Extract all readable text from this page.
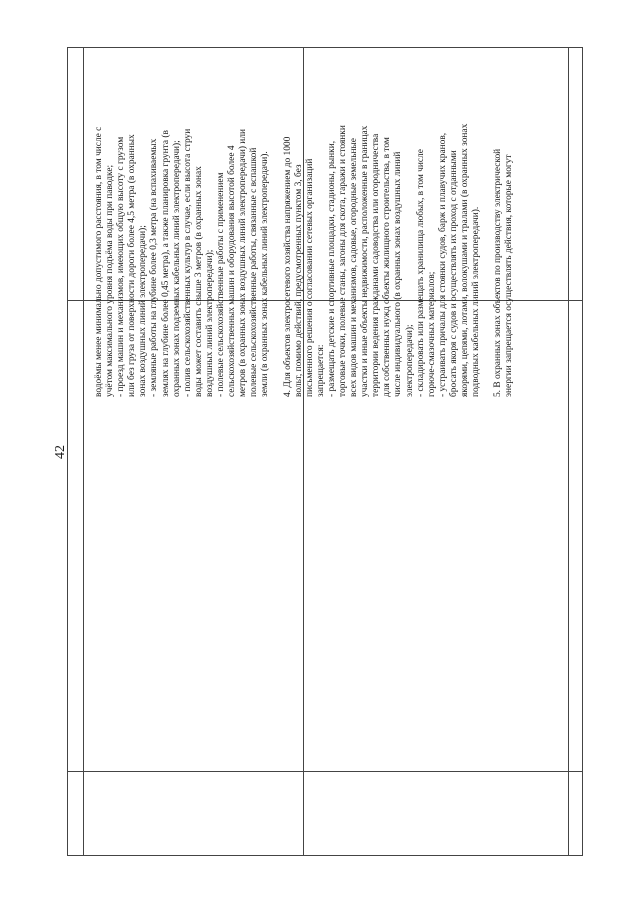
42

водоёмы менее минимально допустимого расстояния, в том числе с учётом максимального уровня подъёма воды при паводке; - проезд машин и механизмов, имеющих общую высоту с грузом или без груза от поверхности дороги более 4,5 метра (в охранных зонах воздушных линий электропередачи); - земляные работы на глубине более 0,3 метра (на вспахиваемых землях на глубине более 0,45 метра), а также планировка грунта (в охранных зонах подземных кабельных линий электропередачи); - полив сельскохозяйственных культур в случае, если высота струи воды может составить свыше 3 метров (в охранных зонах воздушных линий электропередачи); - полевые сельскохозяйственные работы с применением сельскохозяйственных машин и оборудования высотой более 4 метров (в охранных зонах воздушных линий электропередачи) или полевые сельскохозяйственные работы, связанные с вспашкой земли (в охранных зонах кабельных линий электропередачи). 4. Для объектов электросетевого хозяйства напряжением до 1000 вольт, помимо действий, предусмотренных пунктом 3, без письменного решения о согласовании сетевых организаций запрещается: - размещать детские и спортивные площадки, стадионы, рынки, торговые точки, полевые станы, загоны для скота, гаражи и стоянки всех видов машин и механизмов, садовые, огородные земельные участки и иные объекты недвижимости, расположенные в границах территории ведения гражданами садоводства или огородничества для собственных нужд объекты жилищного строительства, в том числе индивидуального (в охранных зонах воздушных линий электропередачи); - складировать или размещать хранилища любых, в том числе горюче-смазочных материалов; - устраивать причалы для стоянки судов, барж и плавучих кранов, бросать якоря с судов и осуществлять их проход с отданными якорями, цепями, лотами, волокушами и тралами (в охранных зонах подводных кабельных линий электропередачи). 5. В охранных зонах объектов по производству электрической энергии запрещается осуществлять действия, которые могут
